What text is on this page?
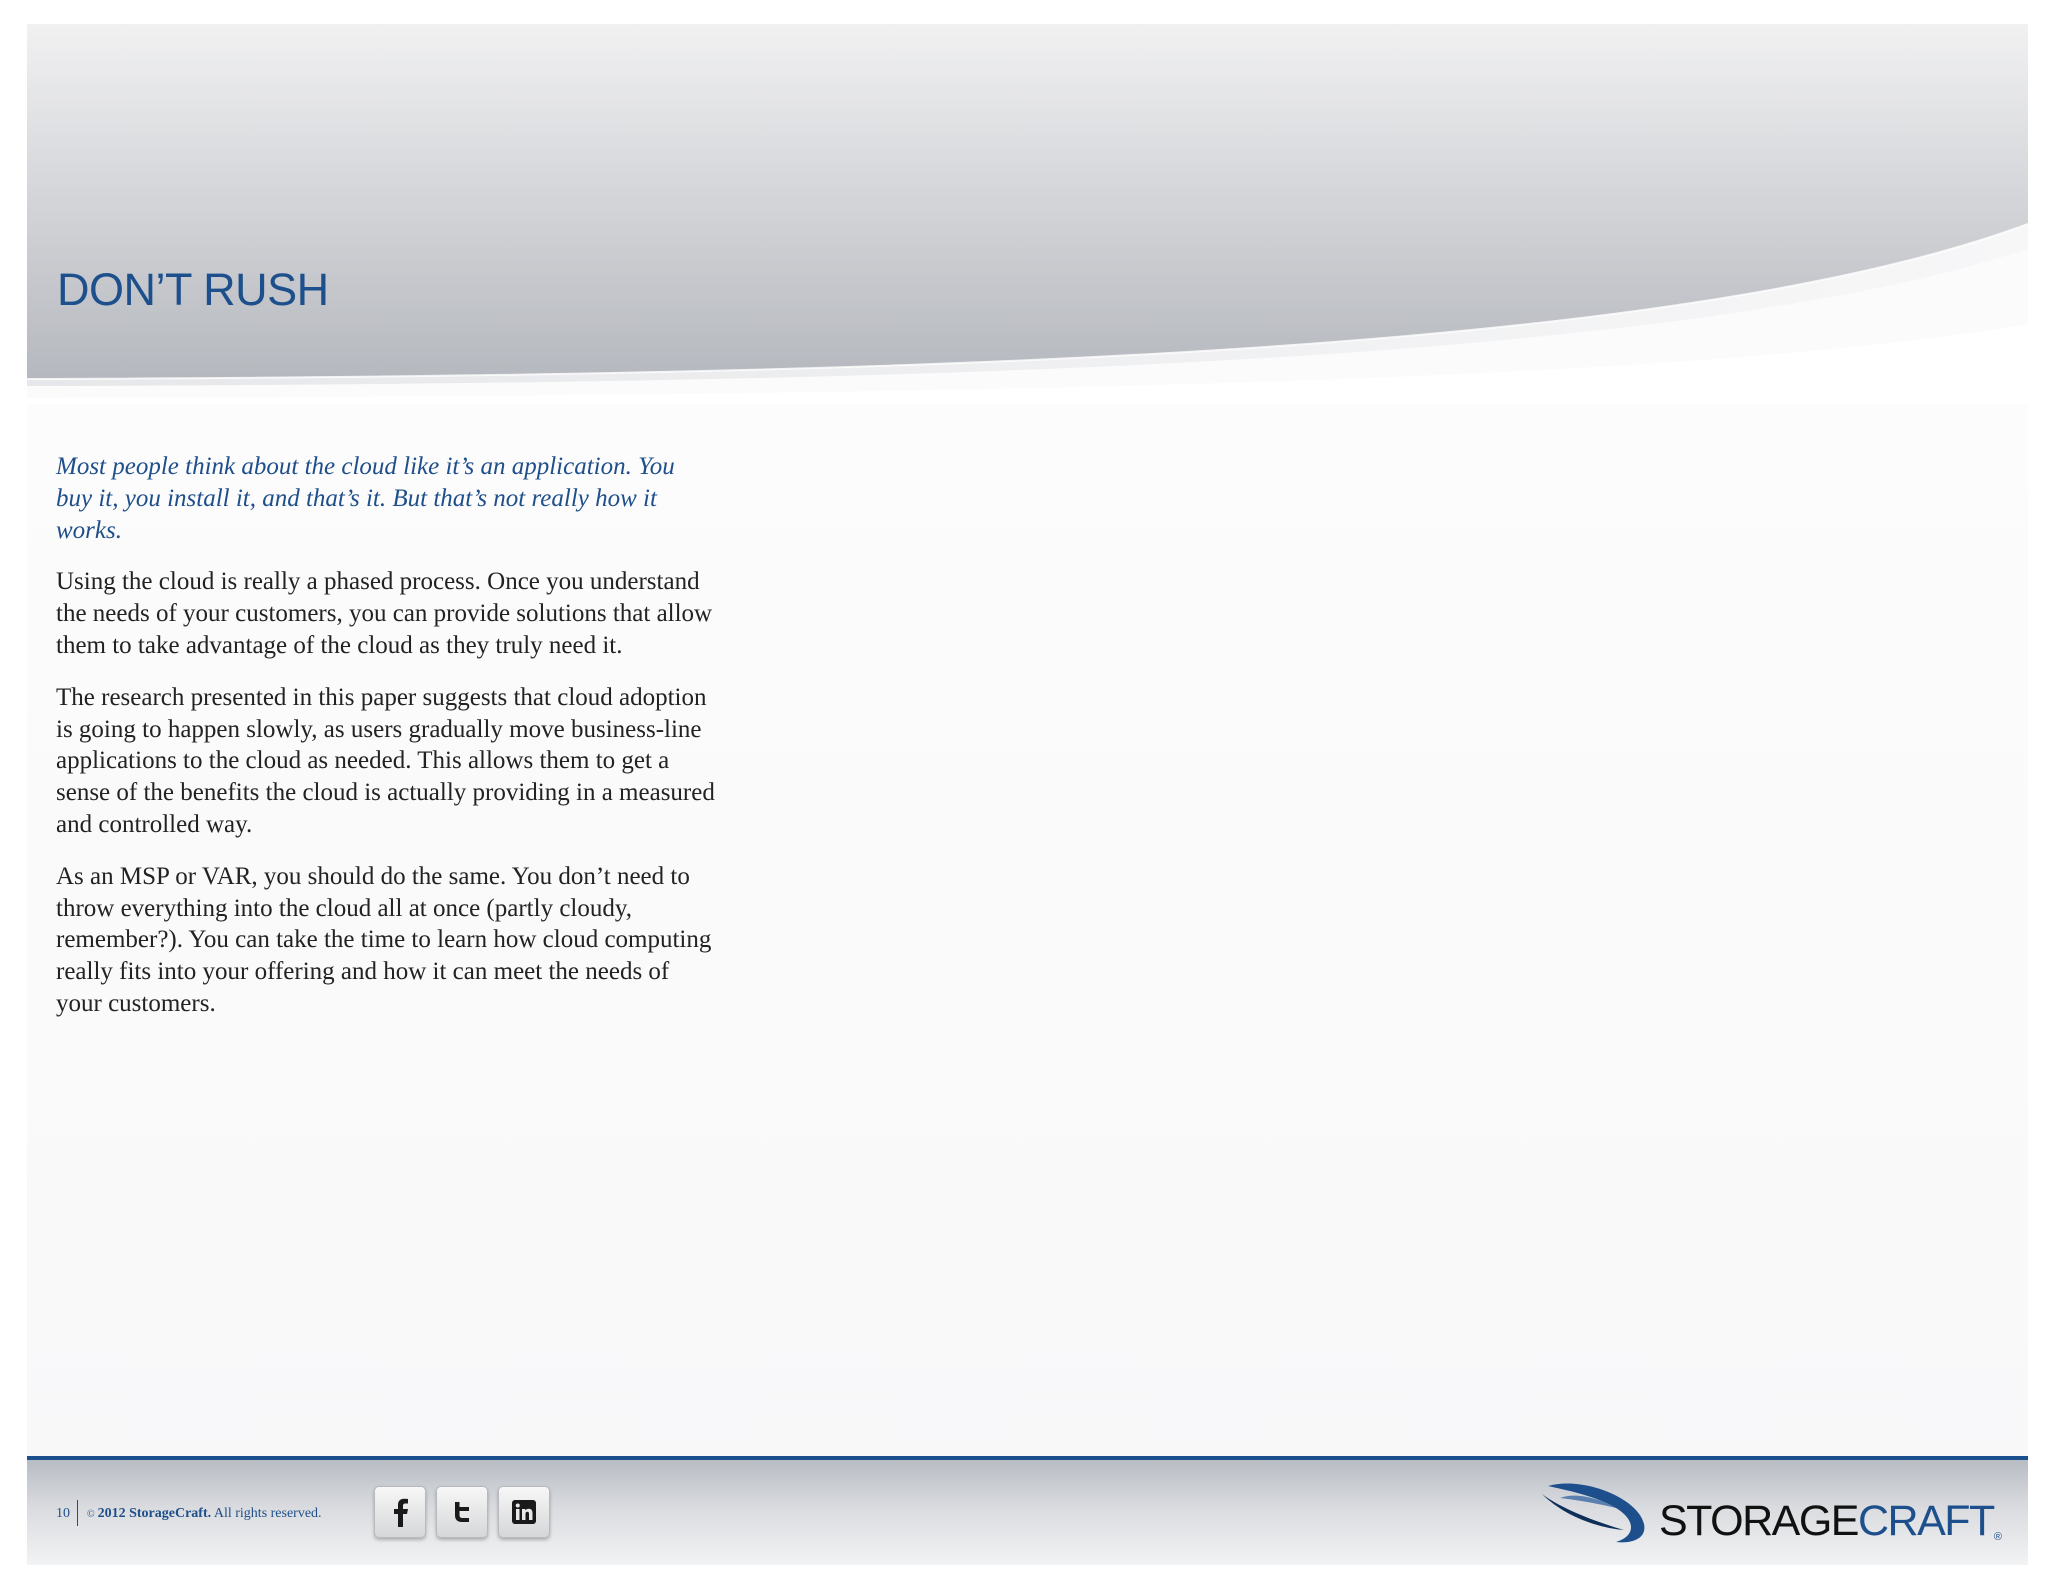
DON’T RUSH

Most people think about the cloud like it’s an application. You buy it, you install it, and that’s it. But that’s not really how it works.

Using the cloud is really a phased process. Once you understand the needs of your customers, you can provide solutions that allow them to take advantage of the cloud as they truly need it.

The research presented in this paper suggests that cloud adoption is going to happen slowly, as users gradually move business-line applications to the cloud as needed. This allows them to get a sense of the benefits the cloud is actually providing in a measured and controlled way.

As an MSP or VAR, you should do the same. You don’t need to throw everything into the cloud all at once (partly cloudy, remember?). You can take the time to learn how cloud computing really fits into your offering and how it can meet the needs of your customers.

10 © 2012 StorageCraft. All rights reserved.	STORAGECRAFT®
